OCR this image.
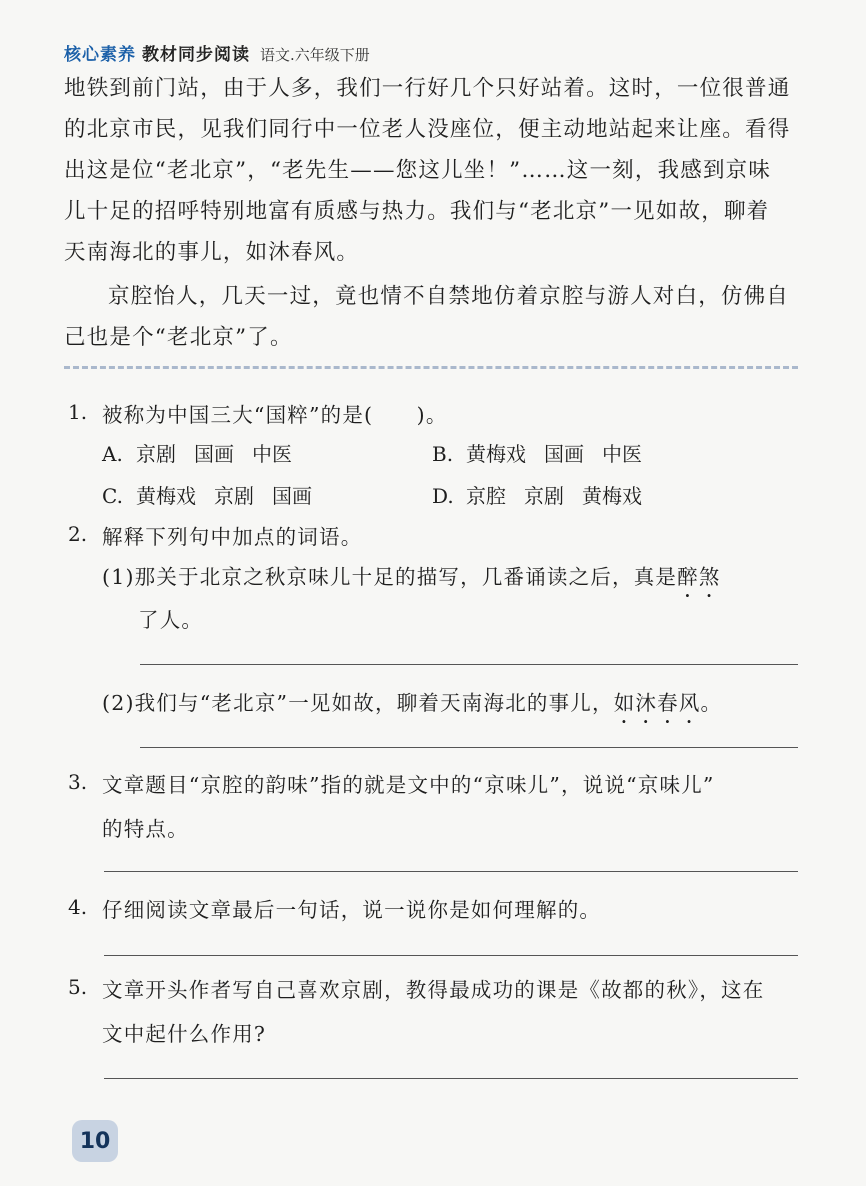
核心素养 教材同步阅读 语文.六年级下册
地铁到前门站，由于人多，我们一行好几个只好站着。这时，一位很普通
的北京市民，见我们同行中一位老人没座位，便主动地站起来让座。看得
出这是位“老北京”，“老先生——您这儿坐！”……这一刻，我感到京味
儿十足的招呼特别地富有质感与热力。我们与“老北京”一见如故，聊着
天南海北的事儿，如沐春风。
京腔怡人，几天一过，竟也情不自禁地仿着京腔与游人对白，仿佛自
己也是个“老北京”了。
1. 被称为中国三大“国粹”的是(　　)。
A. 京剧 国画 中医	B. 黄梅戏 国画 中医
C. 黄梅戏 京剧 国画	D. 京腔 京剧 黄梅戏
2. 解释下列句中加点的词语。
(1)那关于北京之秋京味儿十足的描写，几番诵读之后，真是醉
·
煞
·
了人。
(2)我们与“老北京”一见如故，聊着天南海北的事儿，如
·
沐
·
春
·
风
·
。
3. 文章题目“京腔的韵味”指的就是文中的“京味儿”，说说“京味儿”
的特点。
4. 仔细阅读文章最后一句话，说一说你是如何理解的。
5. 文章开头作者写自己喜欢京剧，教得最成功的课是《故都的秋》，这在
文中起什么作用?
10
